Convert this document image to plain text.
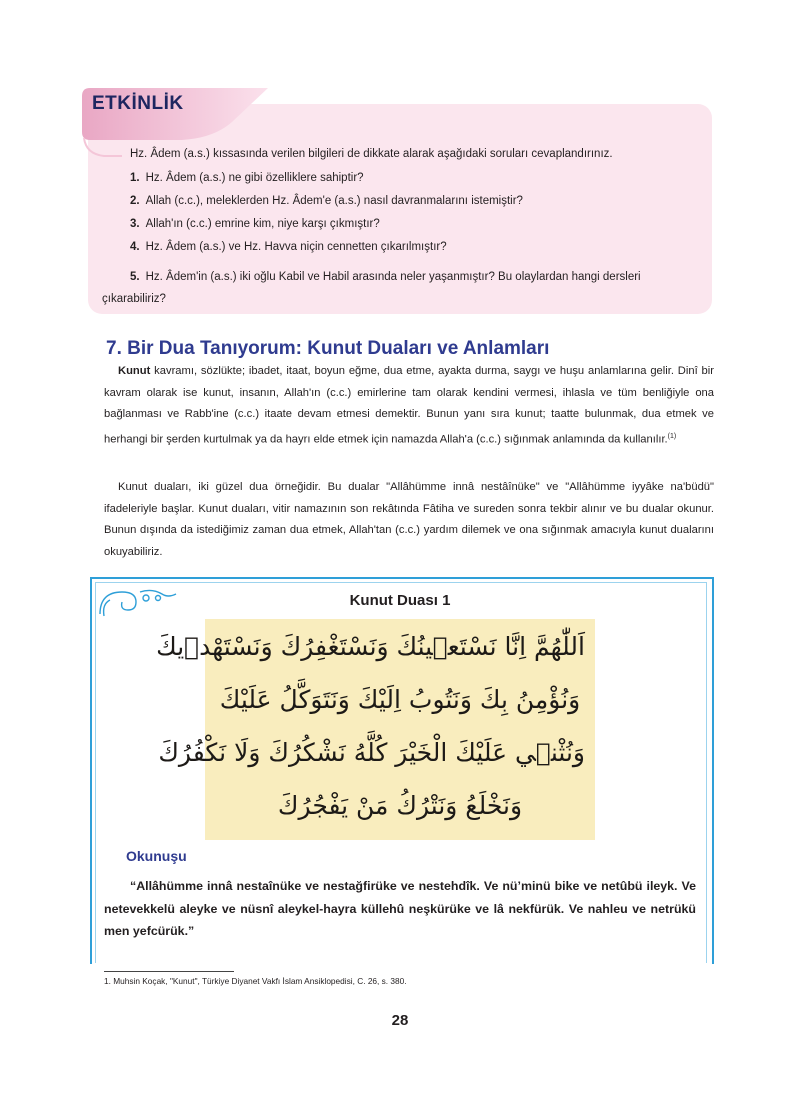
ETKİNLİK
Hz. Âdem (a.s.) kıssasında verilen bilgileri de dikkate alarak aşağıdaki soruları cevaplandırınız.
1. Hz. Âdem (a.s.) ne gibi özelliklere sahiptir?
2. Allah (c.c.), meleklerden Hz. Âdem'e (a.s.) nasıl davranmalarını istemiştir?
3. Allah'ın (c.c.) emrine kim, niye karşı çıkmıştır?
4. Hz. Âdem (a.s.) ve Hz. Havva niçin cennetten çıkarılmıştır?
5. Hz. Âdem'in (a.s.) iki oğlu Kabil ve Habil arasında neler yaşanmıştır? Bu olaylardan hangi dersleri çıkarabiliriz?
7. Bir Dua Tanıyorum: Kunut Duaları ve Anlamları
Kunut kavramı, sözlükte; ibadet, itaat, boyun eğme, dua etme, ayakta durma, saygı ve huşu anlamlarına gelir. Dinî bir kavram olarak ise kunut, insanın, Allah'ın (c.c.) emirlerine tam olarak kendini vermesi, ihlasla ve tüm benliğiyle ona bağlanması ve Rabb'ine (c.c.) itaate devam etmesi demektir. Bunun yanı sıra kunut; taatte bulunmak, dua etmek ve herhangi bir şerden kurtulmak ya da hayrı elde etmek için namazda Allah'a (c.c.) sığınmak anlamında da kullanılır.$^{(1)}$
Kunut duaları, iki güzel dua örneğidir. Bu dualar "Allâhümme innâ nestâînüke" ve "Allâhümme iyyâke na'büdü" ifadeleriyle başlar. Kunut duaları, vitir namazının son rekâtında Fâtiha ve sureden sonra tekbir alınır ve bu dualar okunur. Bunun dışında da istediğimiz zaman dua etmek, Allah'tan (c.c.) yardım dilemek ve ona sığınmak amacıyla kunut dualarını okuyabiliriz.
Kunut Duası 1
اَللّٰهُمَّ اِنَّا نَسْتَع۪ينُكَ وَنَسْتَغْفِرُكَ وَنَسْتَهْد۪يكَ
وَنُؤْمِنُ بِكَ وَنَتُوبُ اِلَيْكَ وَنَتَوَكَّلُ عَلَيْكَ
وَنُثْن۪ي عَلَيْكَ الْخَيْرَ كُلَّهُ نَشْكُرُكَ وَلَا نَكْفُرُكَ
وَنَخْلَعُ وَنَتْرُكُ مَنْ يَفْجُرُكَ
Okunuşu
“Allâhümme innâ nestaînüke ve nestağfirüke ve nestehdîk. Ve nü’minü bike ve netûbü ileyk. Ve netevekkelü aleyke ve nüsnî aleykel-hayra küllehû neşkürüke ve lâ nekfürük. Ve nahleu ve netrükü men yefcürük.”
1. Muhsin Koçak, "Kunut", Türkiye Diyanet Vakfı İslam Ansiklopedisi, C. 26, s. 380.
28
